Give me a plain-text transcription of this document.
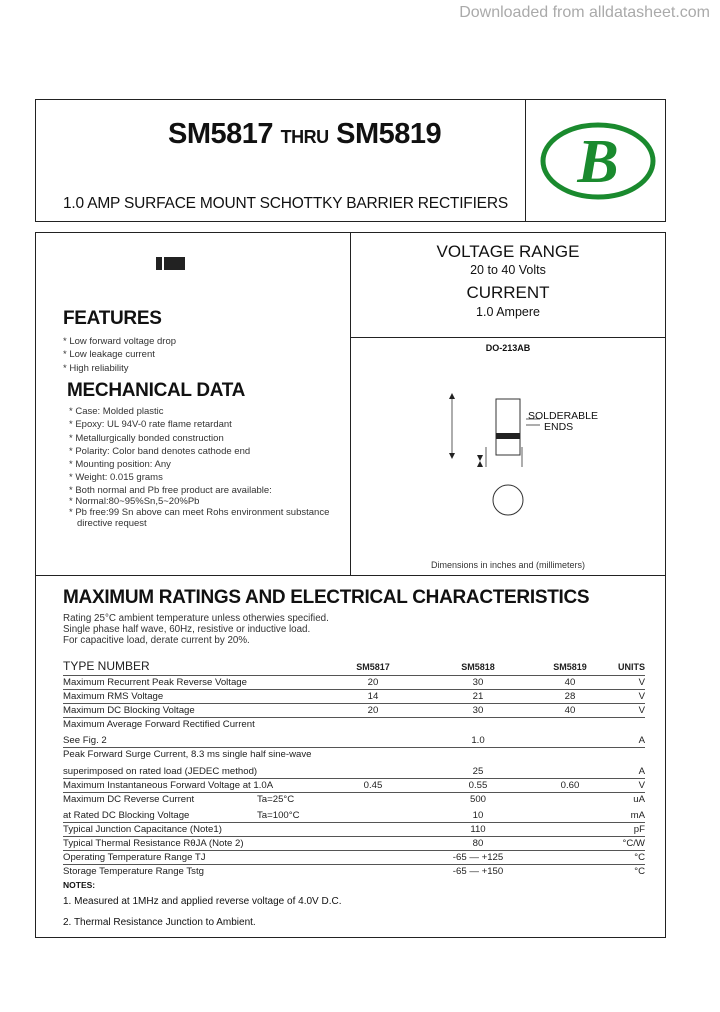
Downloaded from alldatasheet.com
SM5817 THRU SM5819
1.0 AMP SURFACE MOUNT SCHOTTKY BARRIER RECTIFIERS
B
FEATURES
* Low forward voltage drop
* Low leakage current
* High reliability
MECHANICAL DATA
* Case: Molded plastic
* Epoxy: UL 94V-0 rate flame retardant
* Metallurgically bonded construction
* Polarity: Color band denotes cathode end
* Mounting position: Any
* Weight: 0.015 grams
* Both normal and Pb free product are available:
* Normal:80~95%Sn,5~20%Pb
* Pb free:99 Sn above can meet Rohs environment substance
directive request
VOLTAGE RANGE
20 to 40 Volts
CURRENT
1.0 Ampere
DO-213AB
SOLDERABLE
ENDS
Dimensions in inches and (millimeters)
MAXIMUM RATINGS AND ELECTRICAL CHARACTERISTICS
Rating 25°C ambient temperature unless otherwies specified.
Single phase half wave, 60Hz, resistive or inductive load.
For capacitive load, derate current by 20%.
TYPE NUMBER	SM5817	SM5818	SM5819	UNITS
Maximum Recurrent Peak Reverse Voltage	20	30	40	V
Maximum RMS Voltage	14	21	28	V
Maximum DC Blocking Voltage	20	30	40	V
Maximum Average Forward Rectified Current
See Fig. 2	1.0	A
Peak Forward Surge Current, 8.3 ms single half sine-wave
superimposed on rated load (JEDEC method)	25	A
Maximum Instantaneous Forward Voltage at 1.0A	0.45	0.55	0.60	V
Maximum DC Reverse Current	Ta=25°C	500	uA
at Rated DC Blocking Voltage	Ta=100°C	10	mA
Typical Junction Capacitance (Note1)	110	pF
Typical Thermal Resistance RθJA (Note 2)	80	°C/W
Operating Temperature Range TJ	-65 — +125	°C
Storage Temperature Range Tstg	-65 — +150	°C
NOTES:
1. Measured at 1MHz and applied reverse voltage of 4.0V D.C.
2. Thermal Resistance Junction to Ambient.
